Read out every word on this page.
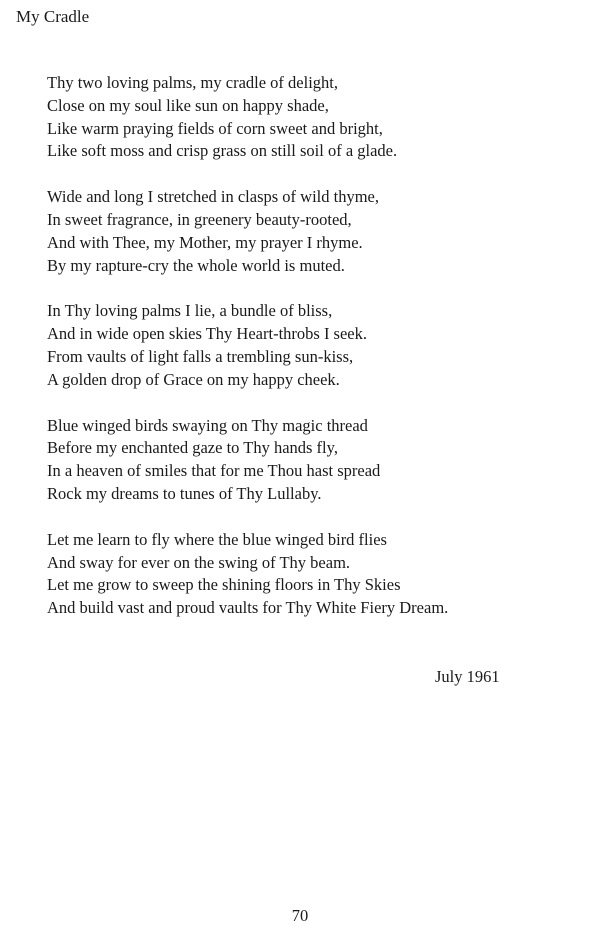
My Cradle
Thy two loving palms, my cradle of delight,
Close on my soul like sun on happy shade,
Like warm praying fields of corn sweet and bright,
Like soft moss and crisp grass on still soil of a glade.
Wide and long I stretched in clasps of wild thyme,
In sweet fragrance, in greenery beauty-rooted,
And with Thee, my Mother, my prayer I rhyme.
By my rapture-cry the whole world is muted.
In Thy loving palms I lie, a bundle of bliss,
And in wide open skies Thy Heart-throbs I seek.
From vaults of light falls a trembling sun-kiss,
A golden drop of Grace on my happy cheek.
Blue winged birds swaying on Thy magic thread
Before my enchanted gaze to Thy hands fly,
In a heaven of smiles that for me Thou hast spread
Rock my dreams to tunes of Thy Lullaby.
Let me learn to fly where the blue winged bird flies
And sway for ever on the swing of Thy beam.
Let me grow to sweep the shining floors in Thy Skies
And build vast and proud vaults for Thy White Fiery Dream.
July 1961
70
